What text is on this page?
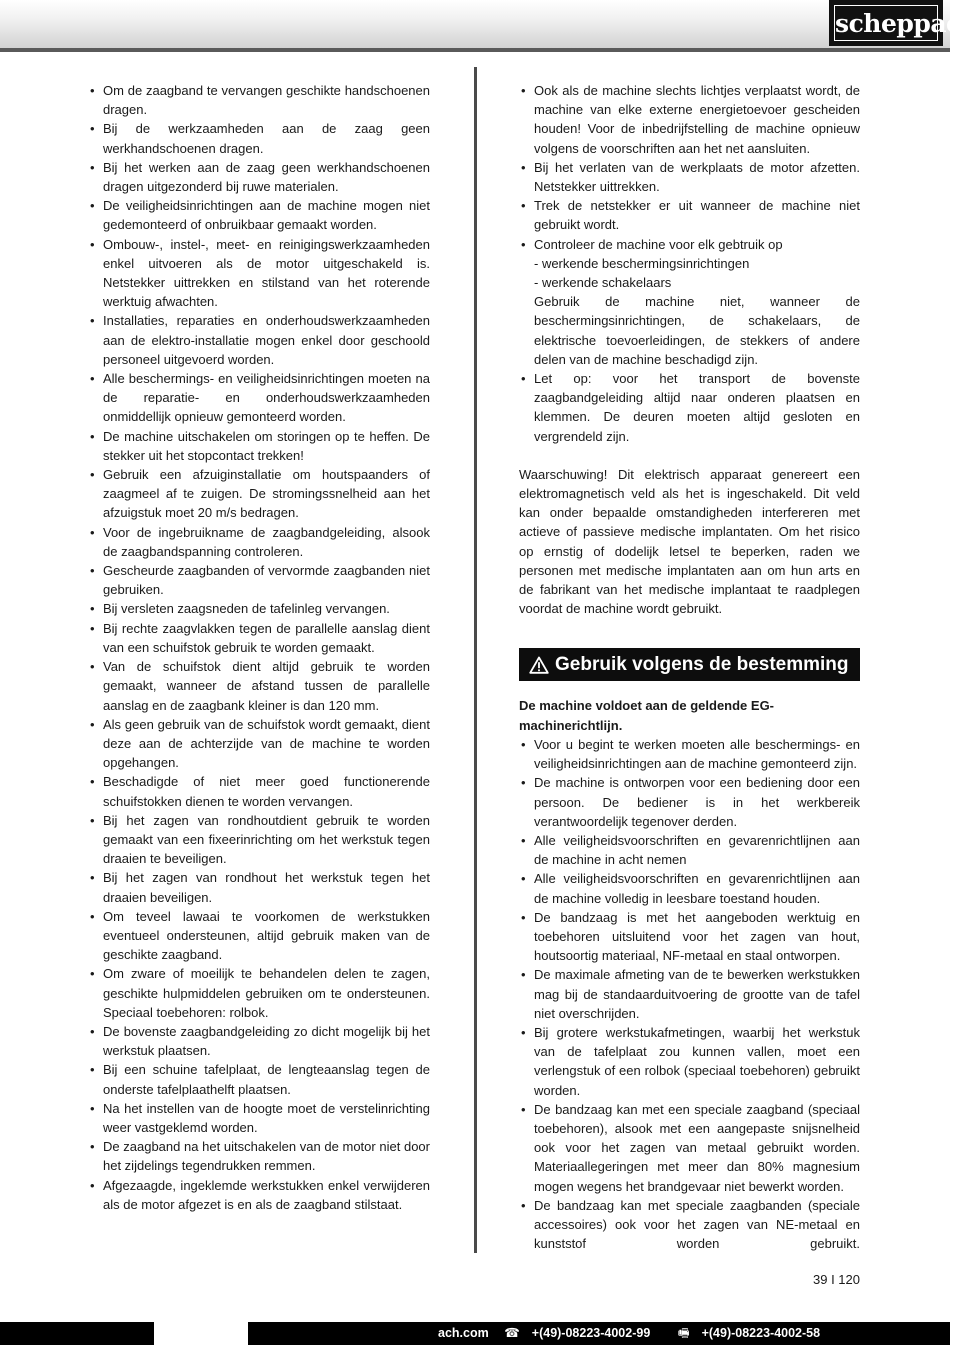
scheppach
• Om de zaagband te vervangen geschikte handschoenen dragen.
• Bij de werkzaamheden aan de zaag geen werkhandschoenen dragen.
• Bij het werken aan de zaag geen werkhandschoenen dragen uitgezonderd bij ruwe materialen.
• De veiligheidsinrichtingen aan de machine mogen niet gedemonteerd of onbruikbaar gemaakt worden.
• Ombouw-, instel-, meet- en reinigingswerkzaamheden enkel uitvoeren als de motor uitgeschakeld is. Netstekker uittrekken en stilstand van het roterende werktuig afwachten.
• Installaties, reparaties en onderhoudswerkzaamheden aan de elektro-installatie mogen enkel door geschoold personeel uitgevoerd worden.
• Alle beschermings- en veiligheidsinrichtingen moeten na de reparatie- en onderhoudswerkzaamheden onmiddellijk opnieuw gemonteerd worden.
• De machine uitschakelen om storingen op te heffen. De stekker uit het stopcontact trekken!
• Gebruik een afzuiginstallatie om houtspaanders of zaagmeel af te zuigen. De stromingssnelheid aan het afzuigstuk moet 20 m/s bedragen.
• Voor de ingebruikname de zaagbandgeleiding, alsook de zaagbandspanning controleren.
• Gescheurde zaagbanden of vervormde zaagbanden niet gebruiken.
• Bij versleten zaagsneden de tafelinleg vervangen.
• Bij rechte zaagvlakken tegen de parallelle aanslag dient van een schuifstok gebruik te worden gemaakt.
• Van de schuifstok dient altijd gebruik te worden gemaakt, wanneer de afstand tussen de parallelle aanslag en de zaagbank kleiner is dan 120 mm.
• Als geen gebruik van de schuifstok wordt gemaakt, dient deze aan de achterzijde van de machine te worden opgehangen.
• Beschadigde of niet meer goed functionerende schuifstokken dienen te worden vervangen.
• Bij het zagen van rondhoutdient gebruik te worden gemaakt van een fixeerinrichting om het werkstuk tegen draaien te beveiligen.
• Bij het zagen van rondhout het werkstuk tegen het draaien beveiligen.
• Om teveel lawaai te voorkomen de werkstukken eventueel ondersteunen, altijd gebruik maken van de geschikte zaagband.
• Om zware of moeilijk te behandelen delen te zagen, geschikte hulpmiddelen gebruiken om te ondersteunen. Speciaal toebehoren: rolbok.
• De bovenste zaagbandgeleiding zo dicht mogelijk bij het werkstuk plaatsen.
• Bij een schuine tafelplaat, de lengteaanslag tegen de onderste tafelplaathelft plaatsen.
• Na het instellen van de hoogte moet de verstelinrichting weer vastgeklemd worden.
• De zaagband na het uitschakelen van de motor niet door het zijdelings tegendrukken remmen.
• Afgezaagde, ingeklemde werkstukken enkel verwijderen als de motor afgezet is en als de zaagband stilstaat.
• Ook als de machine slechts lichtjes verplaatst wordt, de machine van elke externe energietoevoer gescheiden houden! Voor de inbedrijfstelling de machine opnieuw volgens de voorschriften aan het net aansluiten.
• Bij het verlaten van de werkplaats de motor afzetten. Netstekker uittrekken.
• Trek de netstekker er uit wanneer de machine niet gebruikt wordt.
• Controleer de machine voor elk gebtruik op
- werkende beschermingsinrichtingen
- werkende schakelaars
Gebruik de machine niet, wanneer de beschermingsinrichtingen, de schakelaars, de elektrische toevoerleidingen, de stekkers of andere delen van de machine beschadigd zijn.
• Let op: voor het transport de bovenste zaagbandgeleiding altijd naar onderen plaatsen en klemmen. De deuren moeten altijd gesloten en vergrendeld zijn.
Waarschuwing! Dit elektrisch apparaat genereert een elektromagnetisch veld als het is ingeschakeld. Dit veld kan onder bepaalde omstandigheden interfereren met actieve of passieve medische implantaten. Om het risico op ernstig of dodelijk letsel te beperken, raden we personen met medische implantaten aan om hun arts en de fabrikant van het medische implantaat te raadplegen voordat de machine wordt gebruikt.
Gebruik volgens de bestemming
De machine voldoet aan de geldende EG-machinerichtlijn.
• Voor u begint te werken moeten alle beschermings- en veiligheidsinrichtingen aan de machine gemonteerd zijn.
• De machine is ontworpen voor een bediening door een persoon. De bediener is in het werkbereik verantwoordelijk tegenover derden.
• Alle veiligheidsvoorschriften en gevarenrichtlijnen aan de machine in acht nemen
• Alle veiligheidsvoorschriften en gevarenrichtlijnen aan de machine volledig in leesbare toestand houden.
• De bandzaag is met het aangeboden werktuig en toebehoren uitsluitend voor het zagen van hout, houtsoortig materiaal, NF-metaal en staal ontworpen.
• De maximale afmeting van de te bewerken werkstukken mag bij de standaarduitvoering de grootte van de tafel niet overschrijden.
• Bij grotere werkstukafmetingen, waarbij het werkstuk van de tafelplaat zou kunnen vallen, moet een verlengstuk of een rolbok (speciaal toebehoren) gebruikt worden.
• De bandzaag kan met een speciale zaagband (speciaal toebehoren), alsook met een aangepaste snijsnelheid ook voor het zagen van metaal gebruikt worden. Materiaallegeringen met meer dan 80% magnesium mogen wegens het brandgevaar niet bewerkt worden.
• De bandzaag kan met speciale zaagbanden (speciale accessoires) ook voor het zagen van NE-metaal en kunststof worden gebruikt.
39 I 120
ach.com ☎ +(49)-08223-4002-99 🖷 +(49)-08223-4002-58
